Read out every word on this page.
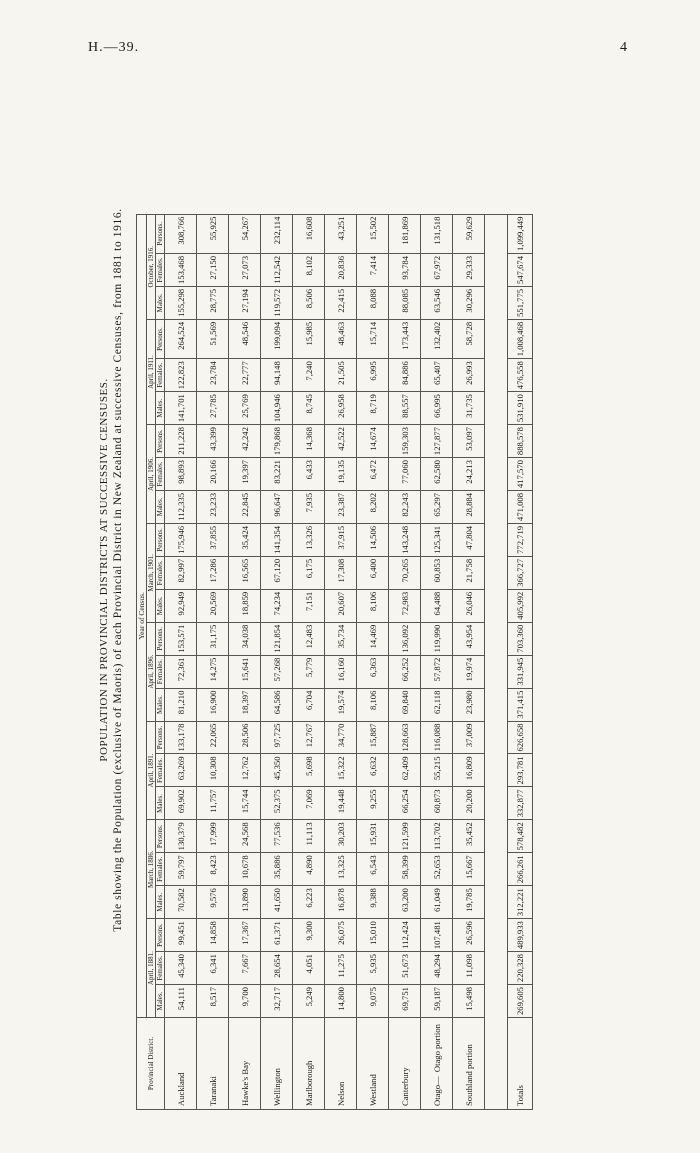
H.—39.	4
POPULATION IN PROVINCIAL DISTRICTS AT SUCCESSIVE CENSUSES. Table showing the Population (exclusive of Maoris) of each Provincial District in New Zealand at successive Censuses, from 1881 to 1916.
Provincial District.	Year of Census.																							
	April, 1881.			March, 1886.			April, 1891.			April, 1896.			March, 1901.			April, 1906.			April, 1911.			October, 1916.		
	Males.	Females.	Persons.	Males.	Females.	Persons.	Males.	Females.	Persons.	Males.	Females.	Persons.	Males.	Females.	Persons.	Males.	Females.	Persons.	Males.	Females.	Persons.	Males.	Females.	Persons.
Auckland	54,111	45,340	99,451	70,582	59,797	130,379	69,902	63,269	133,178	81,210	72,361	153,571	92,949	82,997	175,946	112,335	98,893	211,228	141,701	122,823	264,524	155,298	153,468	308,766
Taranaki	8,517	6,341	14,858	9,576	8,423	17,999	11,757	10,308	22,065	16,900	14,275	31,175	20,569	17,286	37,855	23,233	20,166	43,399	27,785	23,784	51,569	28,775	27,150	55,925
Hawke's Bay	9,700	7,667	17,367	13,890	10,678	24,568	15,744	12,762	28,506	18,397	15,641	34,038	18,859	16,565	35,424	22,845	19,397	42,242	25,769	22,777	48,546	27,194	27,073	54,267
Wellington	32,717	28,654	61,371	41,650	35,886	77,536	52,375	45,350	97,725	64,586	57,268	121,854	74,234	67,120	141,354	96,647	83,221	179,868	104,946	94,148	199,094	119,572	112,542	232,114
Marlborough	5,249	4,051	9,300	6,223	4,890	11,113	7,069	5,698	12,767	6,704	5,779	12,483	7,151	6,175	13,326	7,935	6,433	14,368	8,745	7,240	15,985	8,506	8,102	16,608
Nelson	14,800	11,275	26,075	16,878	13,325	30,203	19,448	15,322	34,770	19,574	16,160	35,734	20,607	17,308	37,915	23,387	19,135	42,522	26,958	21,505	48,463	22,415	20,836	43,251
Westland	9,075	5,935	15,010	9,388	6,543	15,931	9,255	6,632	15,887	8,106	6,363	14,469	8,106	6,400	14,506	8,202	6,472	14,674	8,719	6,995	15,714	8,088	7,414	15,502
Canterbury	69,751	51,673	112,424	63,200	58,399	121,599	66,254	62,409	128,663	69,840	66,252	136,092	72,983	70,265	143,248	82,243	77,060	159,303	88,557	84,886	173,443	88,085	93,784	181,869
Otago—  Otago portion	59,187	48,294	107,481	61,049	52,653	113,702	60,873	55,215	116,088	62,118	57,872	119,990	64,488	60,853	125,341	65,297	62,580	127,877	66,995	65,407	132,402	63,546	67,972	131,518
Southland portion	15,498	11,098	26,596	19,785	15,667	35,452	20,200	16,809	37,009	23,980	19,974	43,954	26,046	21,758	47,804	28,884	24,213	53,097	31,735	26,993	58,728	30,296	29,333	59,629

Totals	269,605	220,328	489,933	312,221	266,261	578,482	332,877	293,781	626,658	371,415	331,945	703,360	405,992	366,727	772,719	471,008	417,570	888,578	531,910	476,558	1,008,468	551,775	547,674	1,099,449
